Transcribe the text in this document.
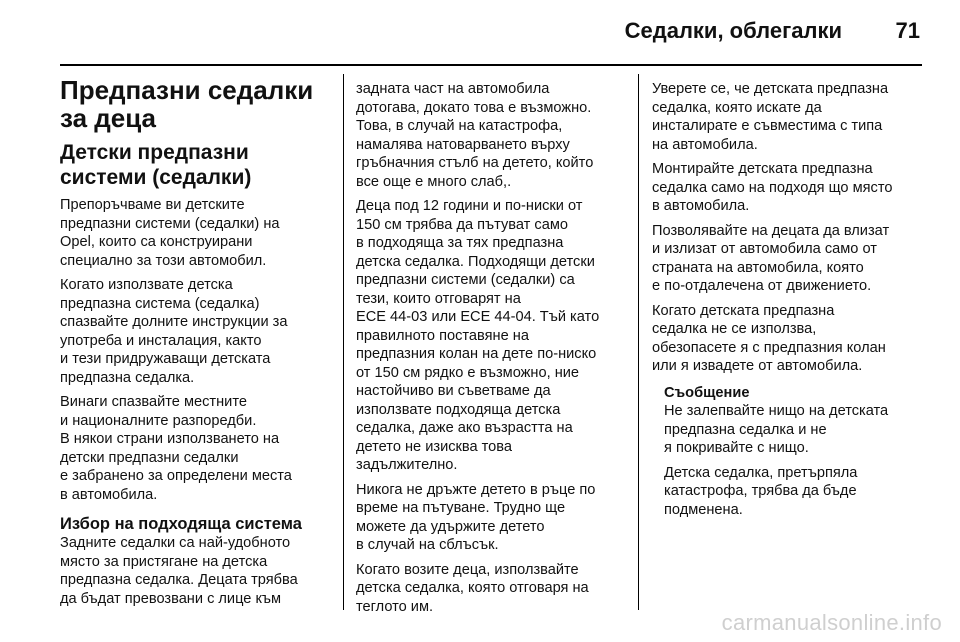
Седалки, облегалки 71
Предпазни седалки за деца
Детски предпазни системи (седалки)
Препоръчваме ви детските
предпазни системи (седалки) на
Opel, които са конструирани
специално за този автомобил.
Когато използвате детска
предпазна система (седалка)
спазвайте долните инструкции за
употреба и инсталация, както
и тези придружаващи детската
предпазна седалка.
Винаги спазвайте местните
и националните разпоредби.
В някои страни използването на
детски предпазни седалки
е забранено за определени места
в автомобила.
Избор на подходяща система
Задните седалки са най-удобното
място за пристягане на детска
предпазна седалка. Децата трябва
да бъдат превозвани с лице към
задната част на автомобила
дотогава, докато това е възможно.
Това, в случай на катастрофа,
намалява натоварването върху
гръбначния стълб на детето, който
все още е много слаб,.
Деца под 12 години и по-ниски от
150 см трябва да пътуват само
в подходяща за тях предпазна
детска седалка. Подходящи детски
предпазни системи (седалки) са
тези, които отговарят на
ECE 44-03 или ECE 44-04. Тъй като
правилното поставяне на
предпазния колан на дете по-ниско
от 150 см рядко е възможно, ние
настойчиво ви съветваме да
използвате подходяща детска
седалка, даже ако възрастта на
детето не изисква това
задължително.
Никога не дръжте детето в ръце по
време на пътуване. Трудно ще
можете да удържите детето
в случай на сблъсък.
Когато возите деца, използвайте
детска седалка, която отговаря на
теглото им.
Уверете се, че детската предпазна
седалка, която искате да
инсталирате е съвместима с типа
на автомобила.
Монтирайте детската предпазна
седалка само на подходя що място
в автомобила.
Позволявайте на децата да влизат
и излизат от автомобила само от
страната на автомобила, която
е по-отдалечена от движението.
Когато детската предпазна
седалка не се използва,
обезопасете я с предпазния колан
или я извадете от автомобила.
Съобщение
Не залепвайте нищо на детската
предпазна седалка и не
я покривайте с нищо.
Детска седалка, претърпяла
катастрофа, трябва да бъде
подменена.
carmanualsonline.info
